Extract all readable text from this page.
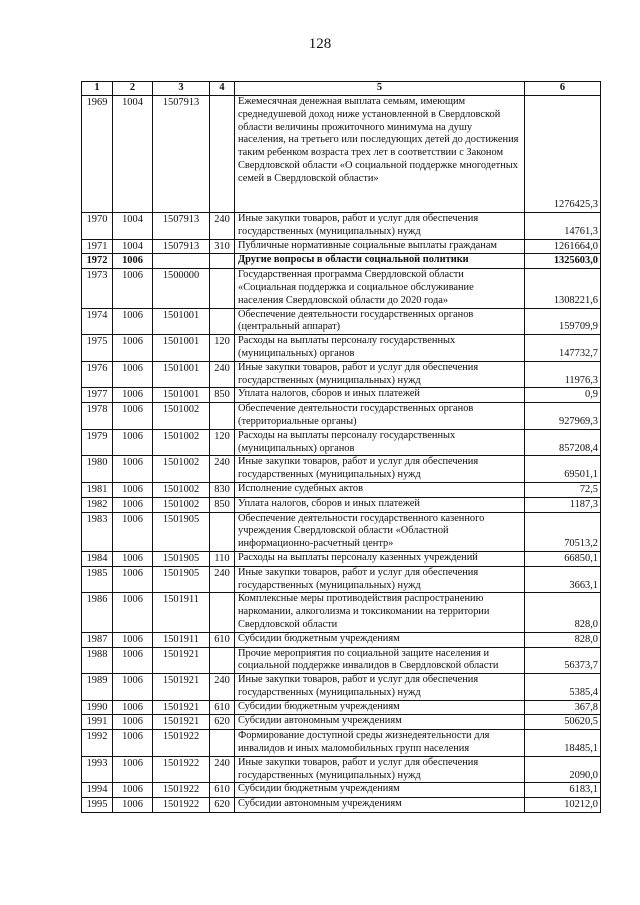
128
1	2	3	4	5	6
1969	1004	1507913		Ежемесячная денежная выплата семьям, имеющим среднедушевой доход ниже установленной в Свердловской области величины прожиточного минимума на душу населения, на третьего или последующих детей до достижения таким ребенком возраста трех лет в соответствии с Законом Свердловской области «О социальной поддержке многодетных семей в Свердловской области»	1276425,3
1970	1004	1507913	240	Иные закупки товаров, работ и услуг для обеспечения государственных (муниципальных) нужд	14761,3
1971	1004	1507913	310	Публичные нормативные социальные выплаты гражданам	1261664,0
1972	1006			Другие вопросы в области социальной политики	1325603,0
1973	1006	1500000		Государственная программа Свердловской области «Социальная поддержка и социальное обслуживание населения Свердловской области до 2020 года»	1308221,6
1974	1006	1501001		Обеспечение деятельности государственных органов (центральный аппарат)	159709,9
1975	1006	1501001	120	Расходы на выплаты персоналу государственных (муниципальных) органов	147732,7
1976	1006	1501001	240	Иные закупки товаров, работ и услуг для обеспечения государственных (муниципальных) нужд	11976,3
1977	1006	1501001	850	Уплата налогов, сборов и иных платежей	0,9
1978	1006	1501002		Обеспечение деятельности государственных органов (территориальные органы)	927969,3
1979	1006	1501002	120	Расходы на выплаты персоналу государственных (муниципальных) органов	857208,4
1980	1006	1501002	240	Иные закупки товаров, работ и услуг для обеспечения государственных (муниципальных) нужд	69501,1
1981	1006	1501002	830	Исполнение судебных актов	72,5
1982	1006	1501002	850	Уплата налогов, сборов и иных платежей	1187,3
1983	1006	1501905		Обеспечение деятельности государственного казенного учреждения Свердловской области «Областной информационно-расчетный центр»	70513,2
1984	1006	1501905	110	Расходы на выплаты персоналу казенных учреждений	66850,1
1985	1006	1501905	240	Иные закупки товаров, работ и услуг для обеспечения государственных (муниципальных) нужд	3663,1
1986	1006	1501911		Комплексные меры противодействия распространению наркомании, алкоголизма и токсикомании на территории Свердловской области	828,0
1987	1006	1501911	610	Субсидии бюджетным учреждениям	828,0
1988	1006	1501921		Прочие мероприятия по социальной защите населения и социальной поддержке инвалидов в Свердловской области	56373,7
1989	1006	1501921	240	Иные закупки товаров, работ и услуг для обеспечения государственных (муниципальных) нужд	5385,4
1990	1006	1501921	610	Субсидии бюджетным учреждениям	367,8
1991	1006	1501921	620	Субсидии автономным учреждениям	50620,5
1992	1006	1501922		Формирование доступной среды жизнедеятельности для инвалидов и иных маломобильных групп населения	18485,1
1993	1006	1501922	240	Иные закупки товаров, работ и услуг для обеспечения государственных (муниципальных) нужд	2090,0
1994	1006	1501922	610	Субсидии бюджетным учреждениям	6183,1
1995	1006	1501922	620	Субсидии автономным учреждениям	10212,0
